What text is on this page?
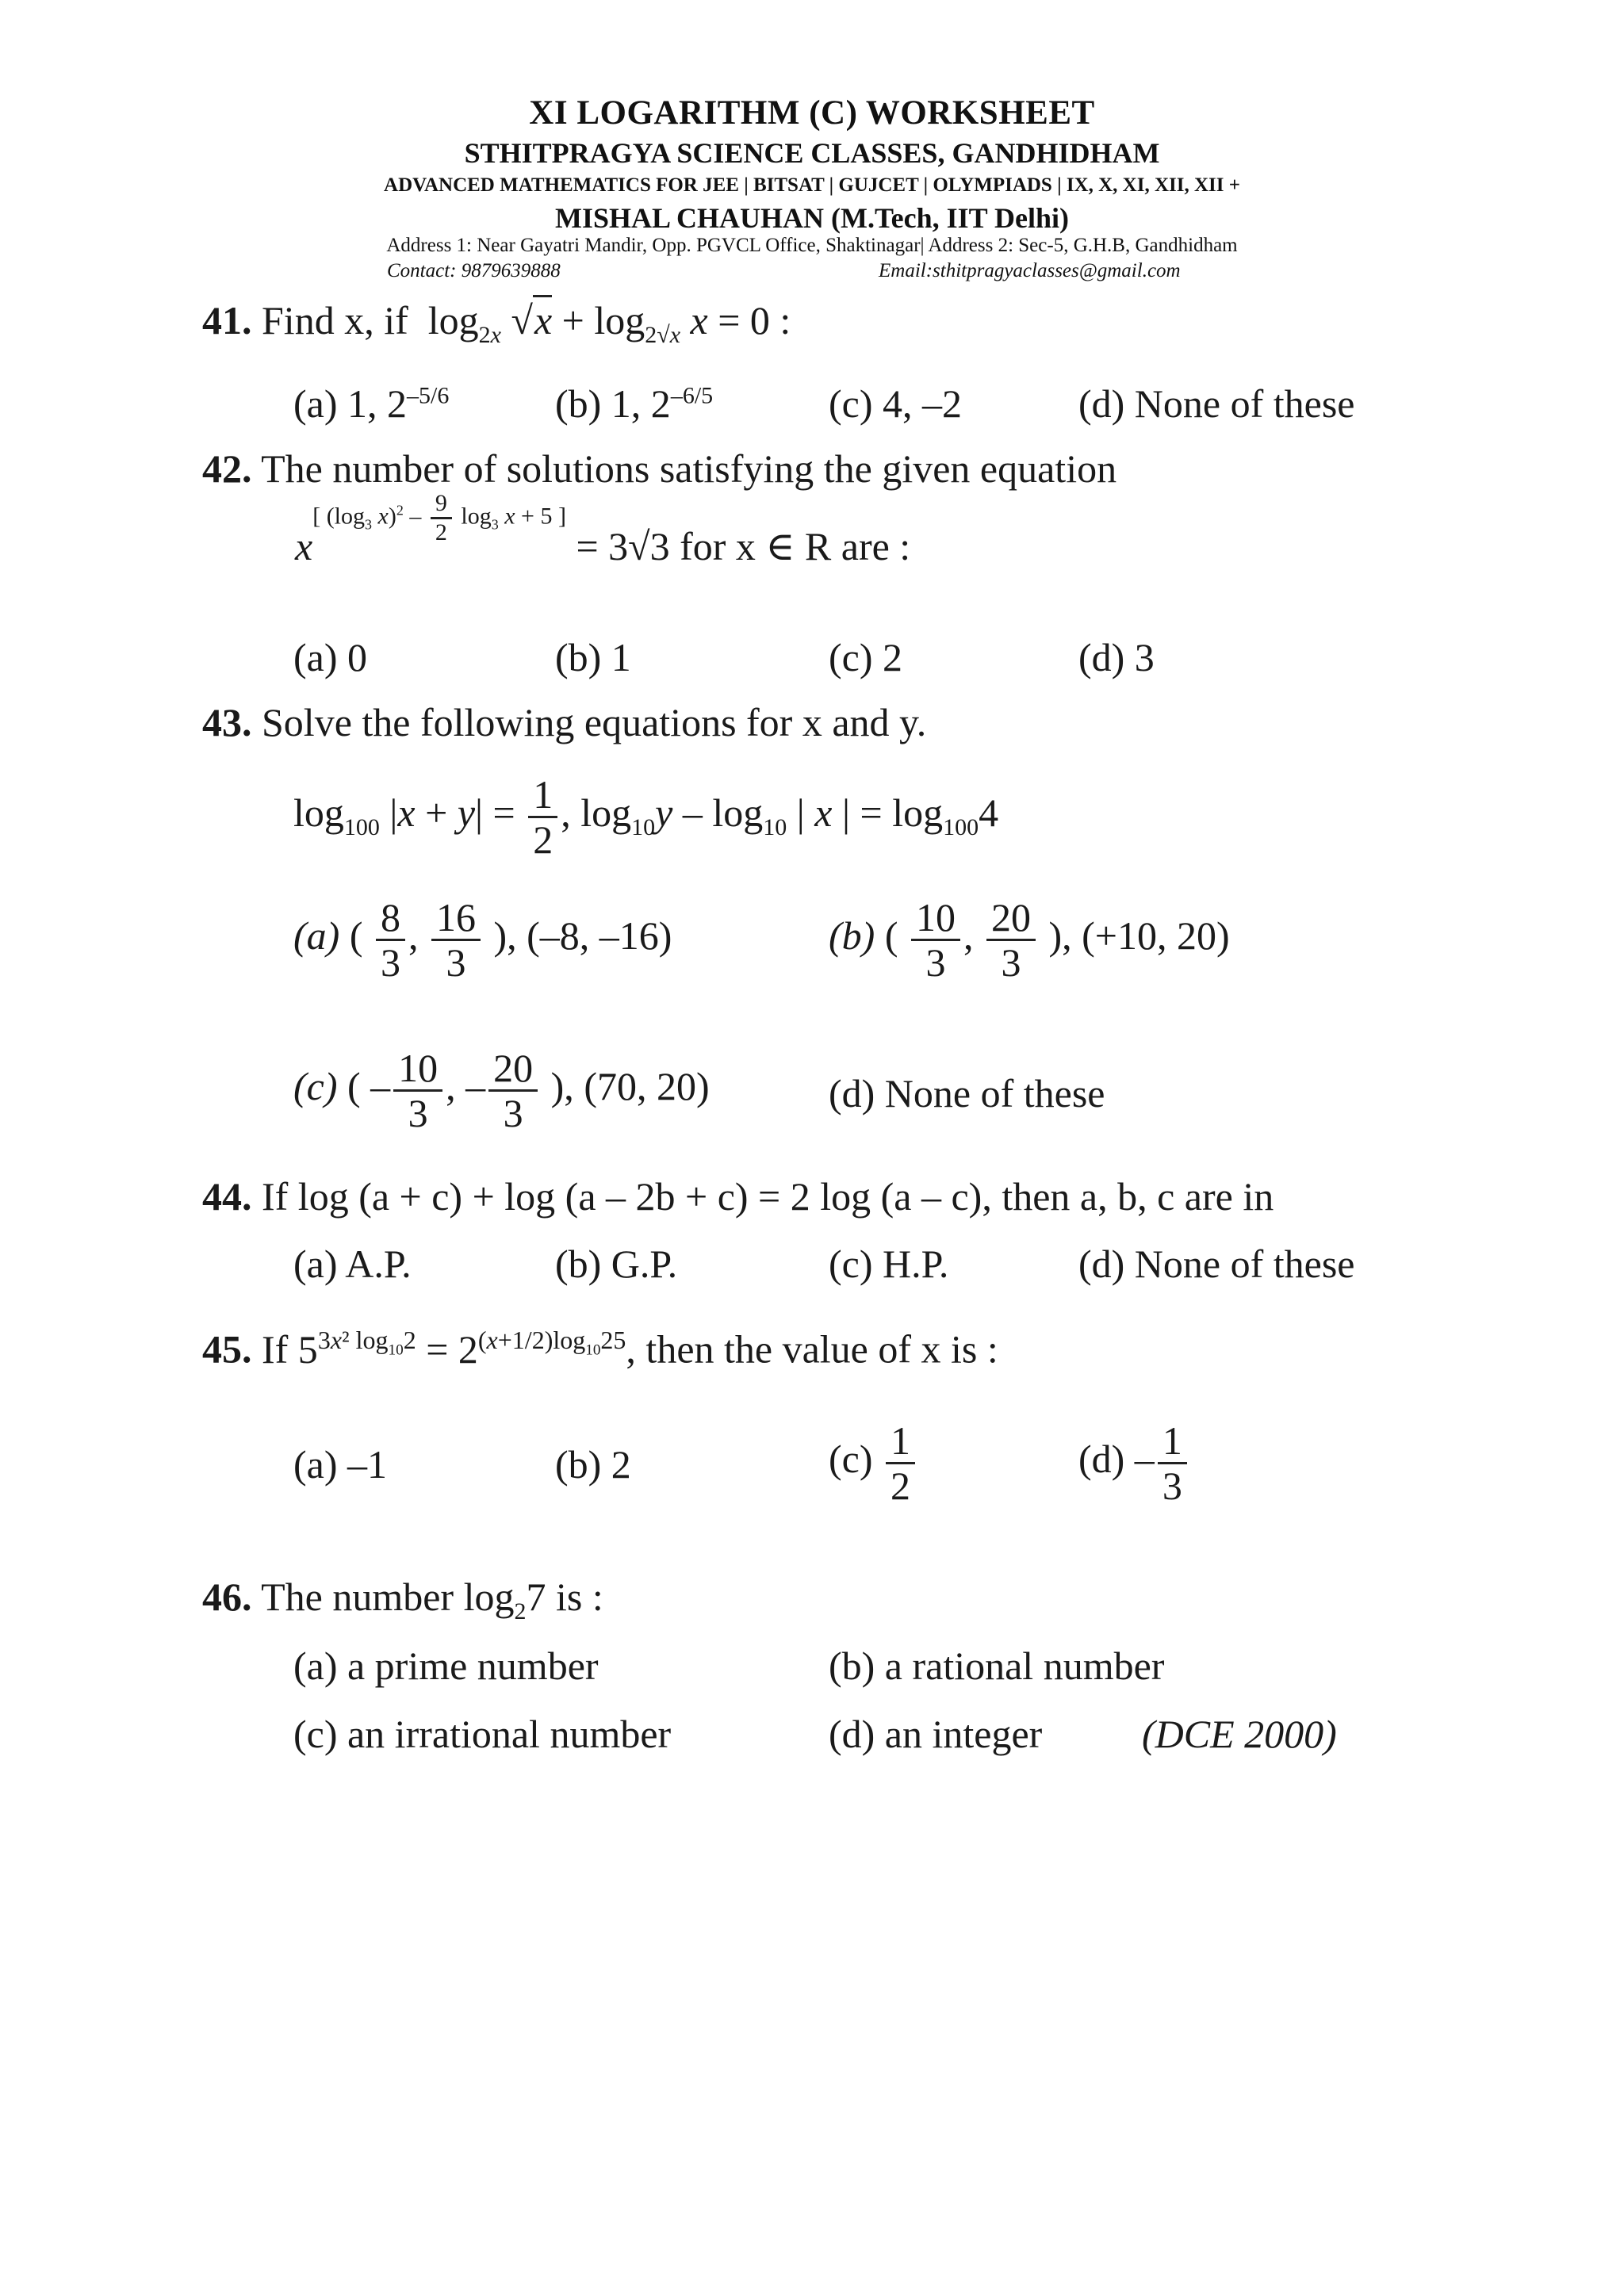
XI LOGARITHM (C) WORKSHEET
STHITPRAGYA SCIENCE CLASSES, GANDHIDHAM
ADVANCED MATHEMATICS FOR JEE | BITSAT | GUJCET | OLYMPIADS | IX, X, XI, XII, XII +
MISHAL CHAUHAN (M.Tech, IIT Delhi)
Address 1: Near Gayatri Mandir, Opp. PGVCL Office, Shaktinagar| Address 2: Sec-5, G.H.B, Gandhidham
Contact: 9879639888	Email:sthitpragyaclasses@gmail.com
41. Find x, if  $\log_{2x} √x + \log_{2√x} x = 0$ :
(a) 1, $2^{-5/6}$	(b) 1, $2^{-6/5}$	(c) 4, –2	(d) None of these
42. The number of solutions satisfying the given equation
x[ ($\log_3$ $x)^2 - \frac{9}{2} \log_3 x + 5$ ] = 3√3 for x ∈ R are :
(a) 0	(b) 1	(c) 2	(d) 3
43. Solve the following equations for x and y.
$\log_{100} |x + y| = \frac{1}{2}$ , $\log_{10}y - \log_{10}$ | x | = $\log_{100}4$
(a) ( $\frac{8}{3}$ , $\frac{16}{3}$ ), (–8, –16)	(b) ( $\frac{10}{3}$ , $\frac{20}{3}$ ), (+10, 20)
(c) ( – $\frac{10}{3}$ , – $\frac{20}{3}$ ), (70, 20)	(d) None of these
44. If log (a + c) + log (a – 2b + c) = 2 log (a – c), then a, b, c are in
(a) A.P.	(b) G.P.	(c) H.P.	(d) None of these
45. If $5^{3x^2 log_{10}2} = 2^{(x+1/2)log_{10}25}$, then the value of x is :
(a) –1	(b) 2	$(c) \frac{1}{2}$	$(d) - \frac{1}{3}$
46. The number $\log_27$ is :
(a) a prime number	(b) a rational number
(c) an irrational number	(d) an integer	(DCE 2000)
